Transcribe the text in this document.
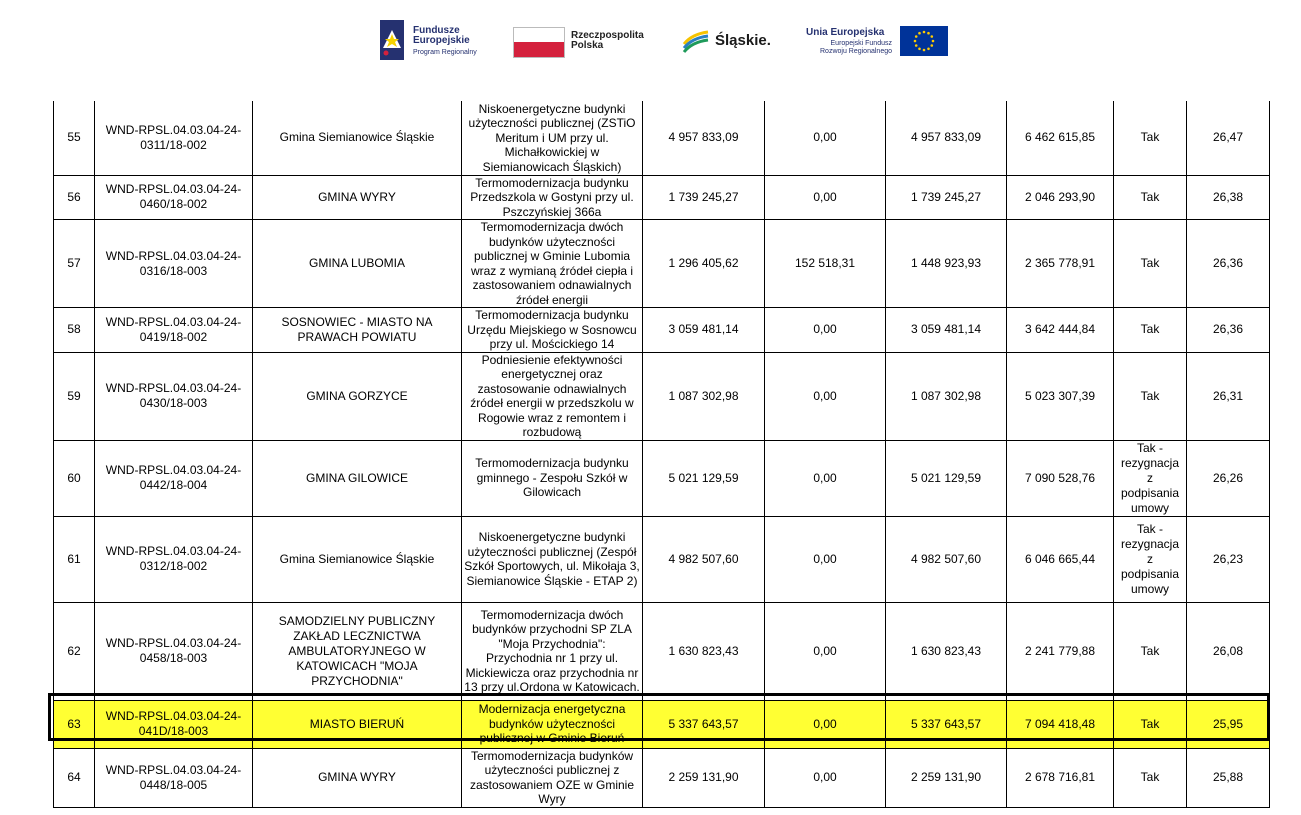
Fundusze
Europejskie
Program Regionalny
Rzeczpospolita
Polska	Śląskie.	Unia Europejska
Europejski Fundusz
Rozwoju Regionalnego
55	WND-RPSL.04.03.04-24-0311/18-002	Gmina Siemianowice Śląskie	Niskoenergetyczne budynki użyteczności publicznej (ZSTiO Meritum i UM przy ul. Michałkowickiej w Siemianowicach Śląskich)	4 957 833,09	0,00	4 957 833,09	6 462 615,85	Tak	26,47
56	WND-RPSL.04.03.04-24-0460/18-002	GMINA WYRY	Termomodernizacja budynku Przedszkola w Gostyni przy ul. Pszczyńskiej 366a	1 739 245,27	0,00	1 739 245,27	2 046 293,90	Tak	26,38
57	WND-RPSL.04.03.04-24-0316/18-003	GMINA LUBOMIA	Termomodernizacja dwóch budynków użyteczności publicznej w Gminie Lubomia wraz z wymianą źródeł ciepła i zastosowaniem odnawialnych źródeł energii	1 296 405,62	152 518,31	1 448 923,93	2 365 778,91	Tak	26,36
58	WND-RPSL.04.03.04-24-0419/18-002	SOSNOWIEC - MIASTO NA PRAWACH POWIATU	Termomodernizacja budynku Urzędu Miejskiego w Sosnowcu przy ul. Mościckiego 14	3 059 481,14	0,00	3 059 481,14	3 642 444,84	Tak	26,36
59	WND-RPSL.04.03.04-24-0430/18-003	GMINA GORZYCE	Podniesienie efektywności energetycznej oraz zastosowanie odnawialnych źródeł energii w przedszkolu w Rogowie wraz z remontem i rozbudową	1 087 302,98	0,00	1 087 302,98	5 023 307,39	Tak	26,31
60	WND-RPSL.04.03.04-24-0442/18-004	GMINA GILOWICE	Termomodernizacja budynku gminnego - Zespołu Szkół w Gilowicach	5 021 129,59	0,00	5 021 129,59	7 090 528,76	Tak - rezygnacja z podpisania umowy	26,26
61	WND-RPSL.04.03.04-24-0312/18-002	Gmina Siemianowice Śląskie	Niskoenergetyczne budynki użyteczności publicznej (Zespół Szkół Sportowych, ul. Mikołaja 3, Siemianowice Śląskie - ETAP 2)	4 982 507,60	0,00	4 982 507,60	6 046 665,44	Tak - rezygnacja z podpisania umowy	26,23
62	WND-RPSL.04.03.04-24-0458/18-003	SAMODZIELNY PUBLICZNY ZAKŁAD LECZNICTWA AMBULATORYJNEGO W KATOWICACH "MOJA PRZYCHODNIA"	Termomodernizacja dwóch budynków przychodni SP ZLA "Moja Przychodnia": Przychodnia nr 1 przy ul. Mickiewicza oraz przychodnia nr 13 przy ul.Ordona w Katowicach.	1 630 823,43	0,00	1 630 823,43	2 241 779,88	Tak	26,08
63	WND-RPSL.04.03.04-24-041D/18-003	MIASTO BIERUŃ	Modernizacja energetyczna budynków użyteczności publicznej w Gminie Bieruń	5 337 643,57	0,00	5 337 643,57	7 094 418,48	Tak	25,95
64	WND-RPSL.04.03.04-24-0448/18-005	GMINA WYRY	Termomodernizacja budynków użyteczności publicznej z zastosowaniem OZE w Gminie Wyry	2 259 131,90	0,00	2 259 131,90	2 678 716,81	Tak	25,88
